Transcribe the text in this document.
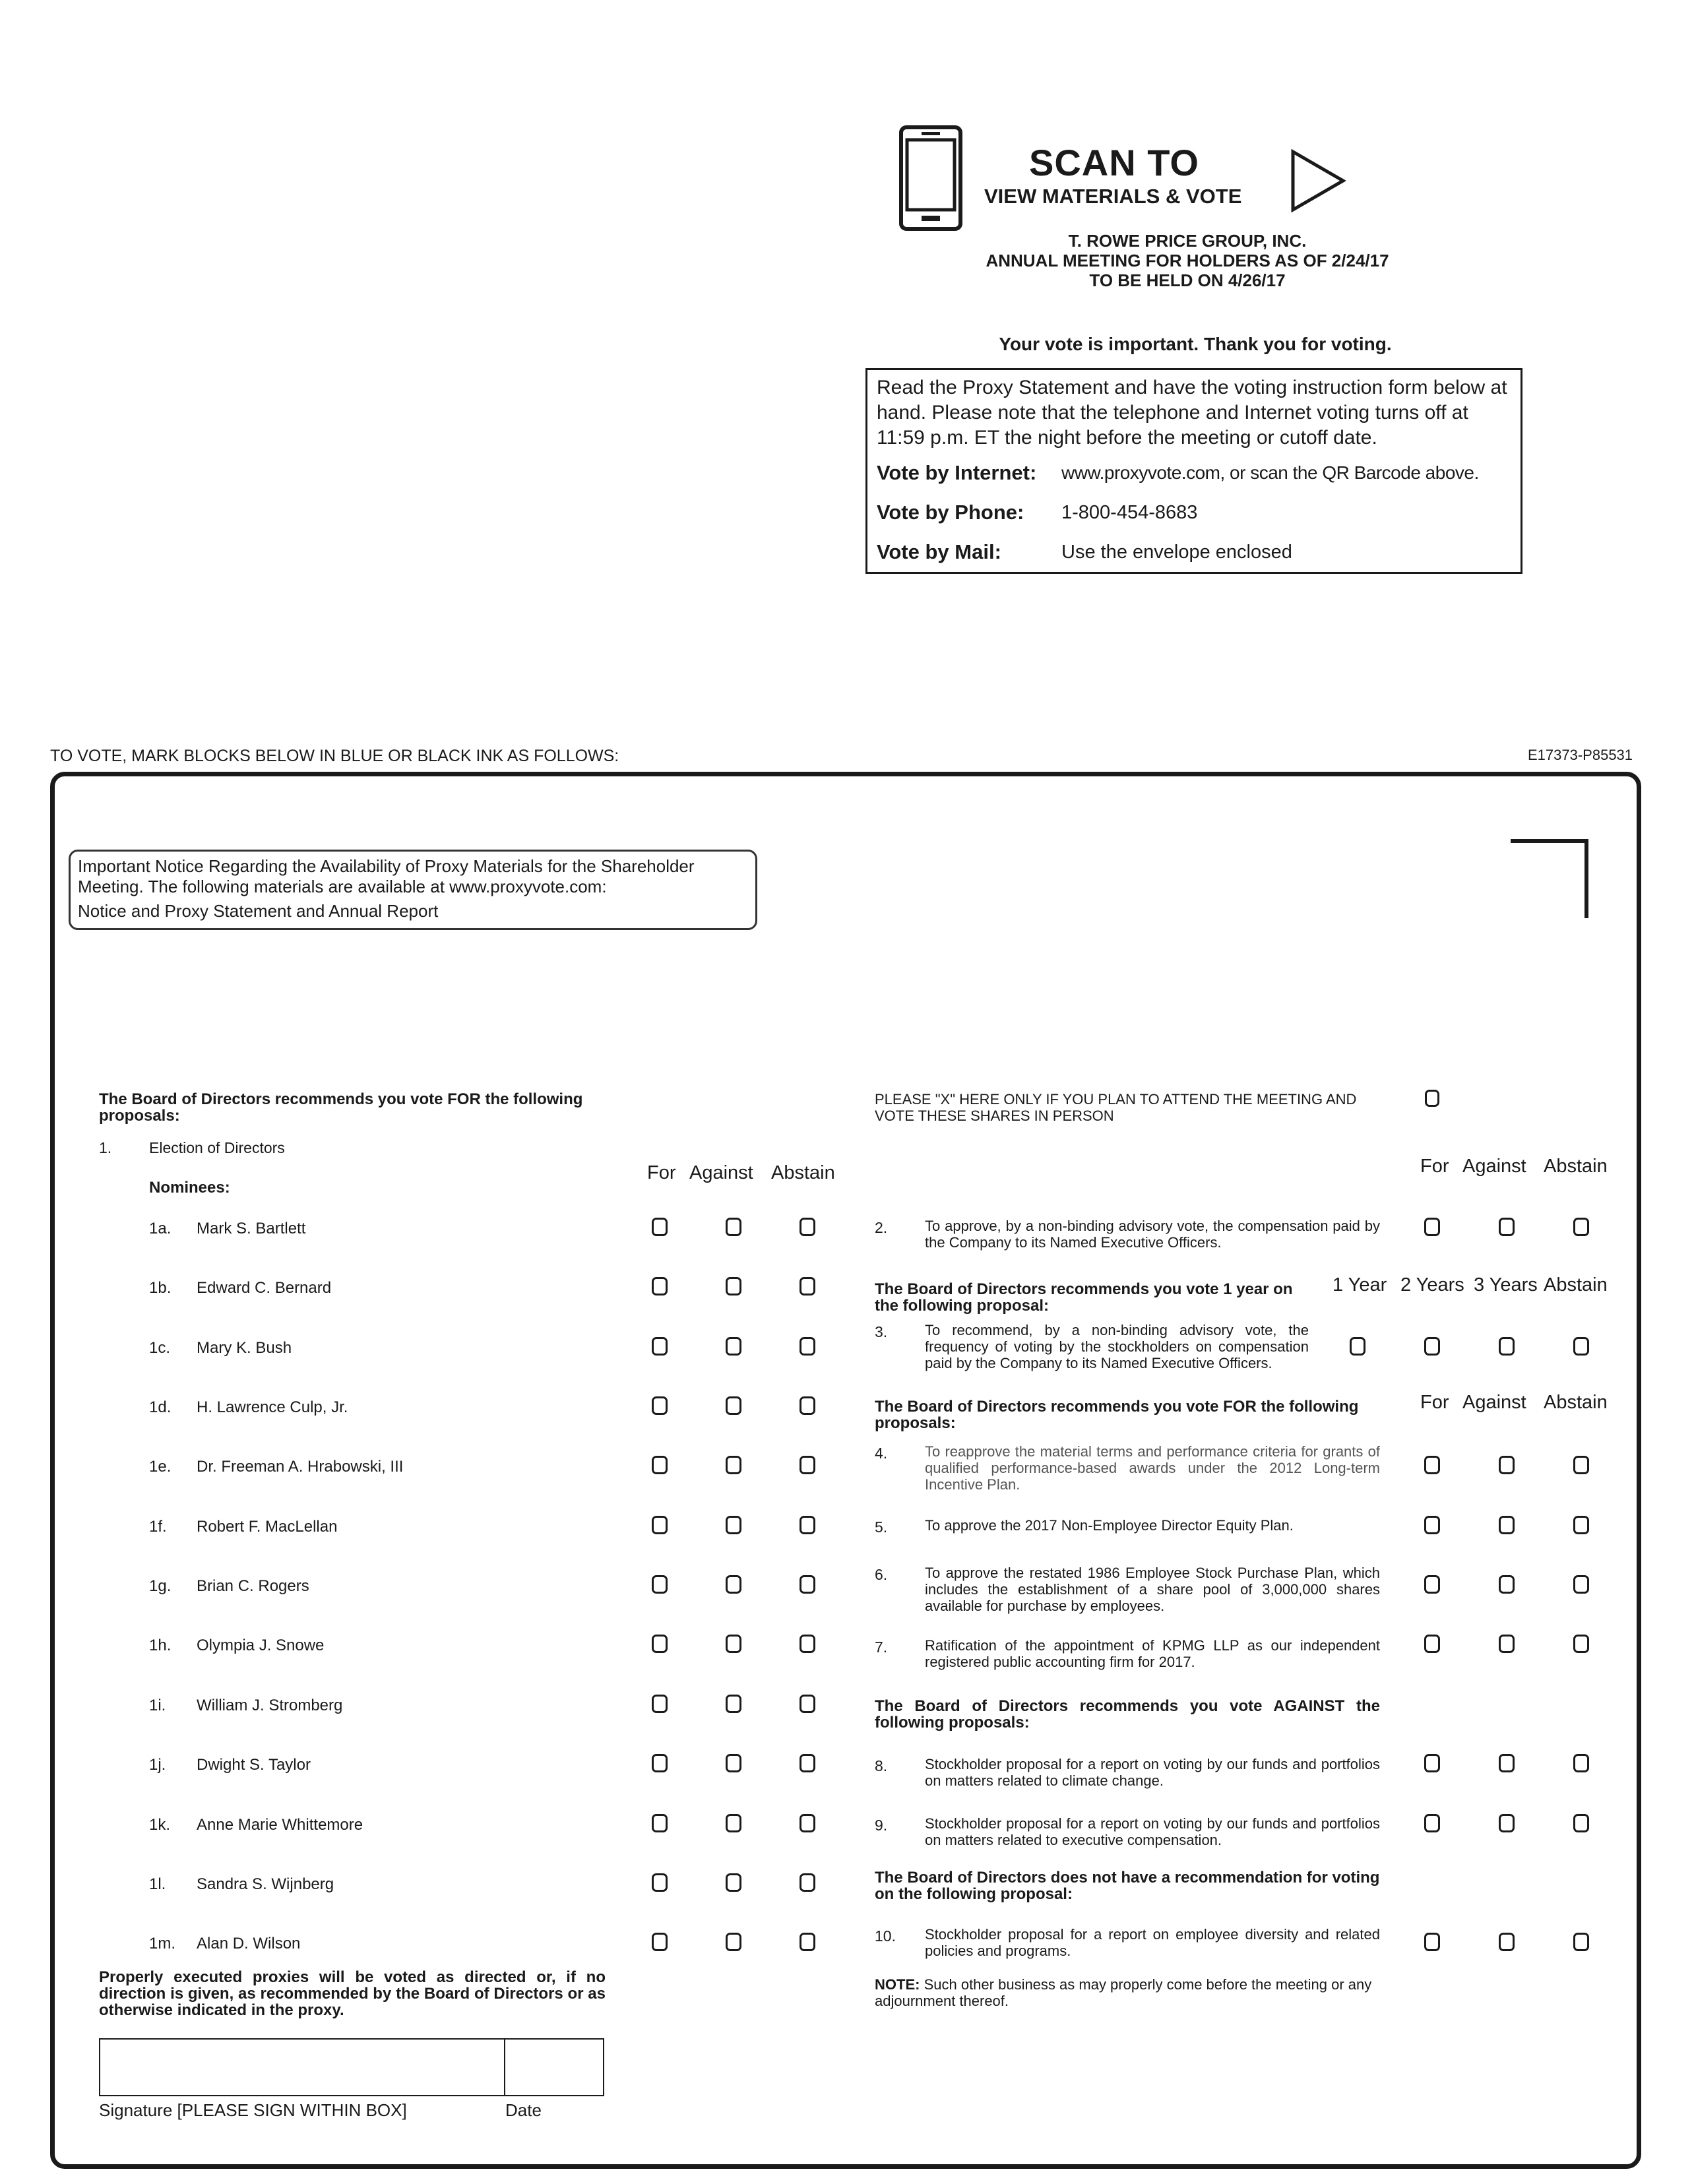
SCAN TO
VIEW MATERIALS & VOTE
T. ROWE PRICE GROUP, INC.
ANNUAL MEETING FOR HOLDERS AS OF 2/24/17
TO BE HELD ON 4/26/17
Your vote is important. Thank you for voting.
Read the Proxy Statement and have the voting instruction form below at hand. Please note that the telephone and Internet voting turns off at 11:59 p.m. ET the night before the meeting or cutoff date.
Vote by Internet: www.proxyvote.com, or scan the QR Barcode above.
Vote by Phone: 1-800-454-8683
Vote by Mail:	Use the envelope enclosed
TO VOTE, MARK BLOCKS BELOW IN BLUE OR BLACK INK AS FOLLOWS:	E17373-P85531
Important Notice Regarding the Availability of Proxy Materials for the Shareholder
Meeting. The following materials are available at www.proxyvote.com:
Notice and Proxy Statement and Annual Report
The Board of Directors recommends you vote FOR the following proposals:
1. Election of Directors
Nominees:
For Against Abstain
1a. Mark S. Bartlett
1b. Edward C. Bernard
1c. Mary K. Bush
1d. H. Lawrence Culp, Jr.
1e. Dr. Freeman A. Hrabowski, III
1f. Robert F. MacLellan
1g. Brian C. Rogers
1h. Olympia J. Snowe
1i. William J. Stromberg
1j. Dwight S. Taylor
1k. Anne Marie Whittemore
1l. Sandra S. Wijnberg
1m. Alan D. Wilson
Properly executed proxies will be voted as directed or, if no direction is given, as recommended by the Board of Directors or as otherwise indicated in the proxy.
Signature [PLEASE SIGN WITHIN BOX]	Date
PLEASE "X" HERE ONLY IF YOU PLAN TO ATTEND THE MEETING AND VOTE THESE SHARES IN PERSON
For Against Abstain
2.	To approve, by a non-binding advisory vote, the compensation paid by the Company to its Named Executive Officers.
The Board of Directors recommends you vote 1 year on the following proposal:
1 Year 2 Years 3 Years Abstain
3.	To recommend, by a non-binding advisory vote, the frequency of voting by the stockholders on compensation paid by the Company to its Named Executive Officers.
The Board of Directors recommends you vote FOR the following proposals:
For Against Abstain
4.	To reapprove the material terms and performance criteria for grants of qualified performance-based awards under the 2012 Long-term Incentive Plan.
5.	To approve the 2017 Non-Employee Director Equity Plan.
6.	To approve the restated 1986 Employee Stock Purchase Plan, which includes the establishment of a share pool of 3,000,000 shares available for purchase by employees.
7.	Ratification of the appointment of KPMG LLP as our independent registered public accounting firm for 2017.
The Board of Directors recommends you vote AGAINST the following proposals:
8.	Stockholder proposal for a report on voting by our funds and portfolios on matters related to climate change.
9.	Stockholder proposal for a report on voting by our funds and portfolios on matters related to executive compensation.
The Board of Directors does not have a recommendation for voting on the following proposal:
10. Stockholder proposal for a report on employee diversity and related policies and programs.
NOTE: Such other business as may properly come before the meeting or any adjournment thereof.
